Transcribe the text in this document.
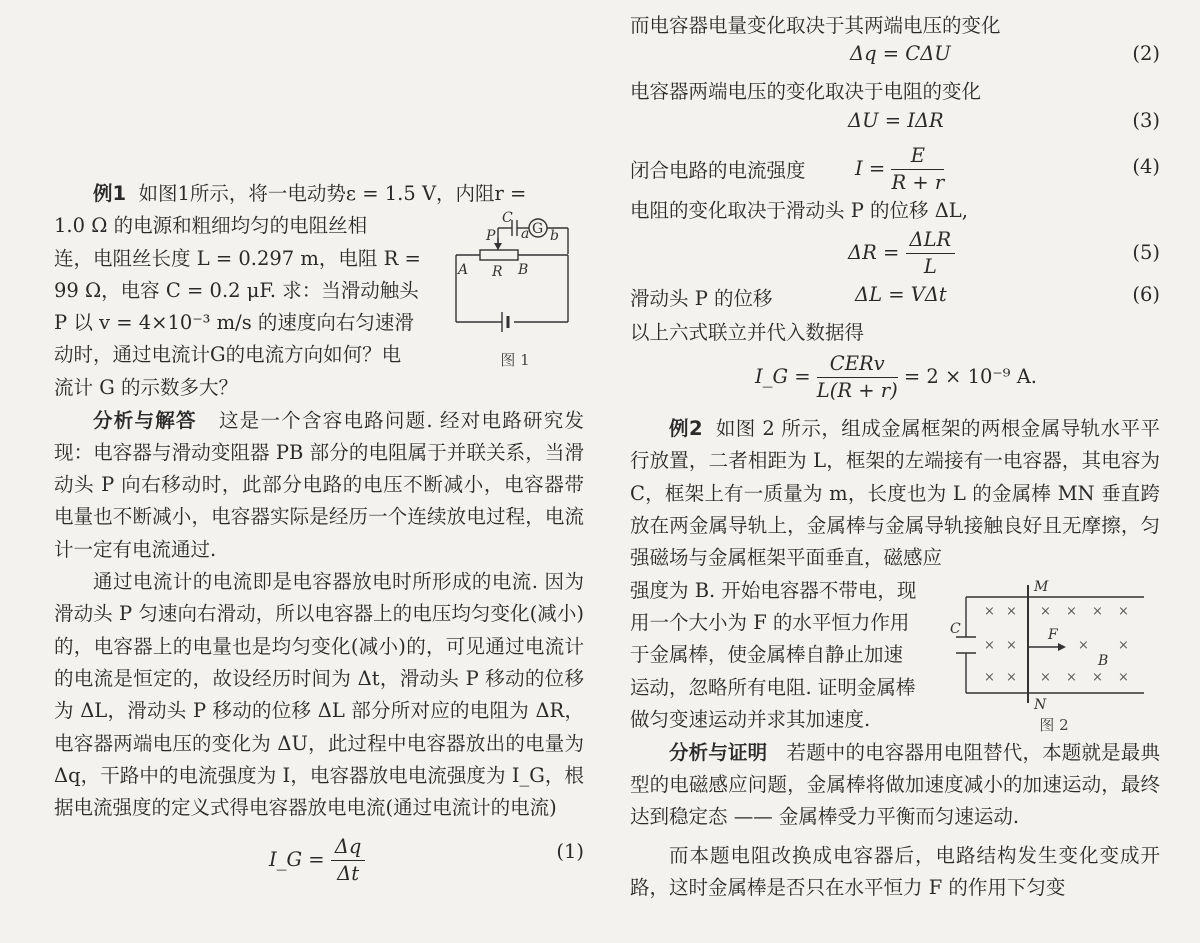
例1 如图1所示，将一电动势ε = 1.5 V，内阻r =

1.0 Ω 的电源和粗细均匀的电阻丝相

连，电阻丝长度 L = 0.297 m，电阻 R =

99 Ω，电容 C = 0.2 μF. 求：当滑动触头

P 以 v = 4×10⁻³ m/s 的速度向右匀速滑

动时，通过电流计G的电流方向如何？电

P
C
a G b
A R B
图 1

流计 G 的示数多大？

分析与解答 这是一个含容电路问题. 经对电路研究发现：电容器与滑动变阻器 PB 部分的电阻属于并联关系，当滑动头 P 向右移动时，此部分电路的电压不断减小，电容器带电量也不断减小，电容器实际是经历一个连续放电过程，电流计一定有电流通过.

通过电流计的电流即是电容器放电时所形成的电流. 因为滑动头 P 匀速向右滑动，所以电容器上的电压均匀变化(减小)的，电容器上的电量也是均匀变化(减小)的，可见通过电流计的电流是恒定的，故设经历时间为 Δt，滑动头 P 移动的位移为 ΔL，滑动头 P 移动的位移 ΔL 部分所对应的电阻为 ΔR，电容器两端电压的变化为 ΔU，此过程中电容器放出的电量为 Δq，干路中的电流强度为 I，电容器放电电流强度为 I_G，根据电流强度的定义式得电容器放电电流(通过电流计的电流)

I_G = $\frac{\Delta q}{\Delta t}$	(1)

而电容器电量变化取决于其两端电压的变化

Δq = CΔU	(2)

电容器两端电压的变化取决于电阻的变化

ΔU = IΔR	(3)
闭合电路的电流强度	$I = \frac{E}{R + r}$	(4)

电阻的变化取决于滑动头 P 的位移 ΔL,

$\Delta R = \frac{\text{ΔLR}}{L}$	(5)
滑动头 P 的位移	ΔL = VΔt	(6)

以上六式联立并代入数据得

I_G = $\frac{\text{CERv}}{L(R + r)} = 2 \times 10^{-9}$ A.

例2 如图 2 所示，组成金属框架的两根金属导轨水平平行放置，二者相距为 L，框架的左端接有一电容器，其电容为 C，框架上有一质量为 m，长度也为 L 的金属棒 MN 垂直跨放在两金属导轨上，金属棒与金属导轨接触良好且无摩擦，匀强磁场与金属框架平面垂直，磁感应

强度为 B. 开始电容器不带电，现

用一个大小为 F 的水平恒力作用

于金属棒，使金属棒自静止加速

运动，忽略所有电阻. 证明金属棒

做匀变速运动并求其加速度.

× ×
× ×
× ×
× × × ×
× × × ×
× ×
M
C	F
B
N
图 2

分析与证明 若题中的电容器用电阻替代，本题就是最典型的电磁感应问题，金属棒将做加速度减小的加速运动，最终达到稳定态 —— 金属棒受力平衡而匀速运动.

而本题电阻改换成电容器后，电路结构发生变化变成开路，这时金属棒是否只在水平恒力 F 的作用下匀变
